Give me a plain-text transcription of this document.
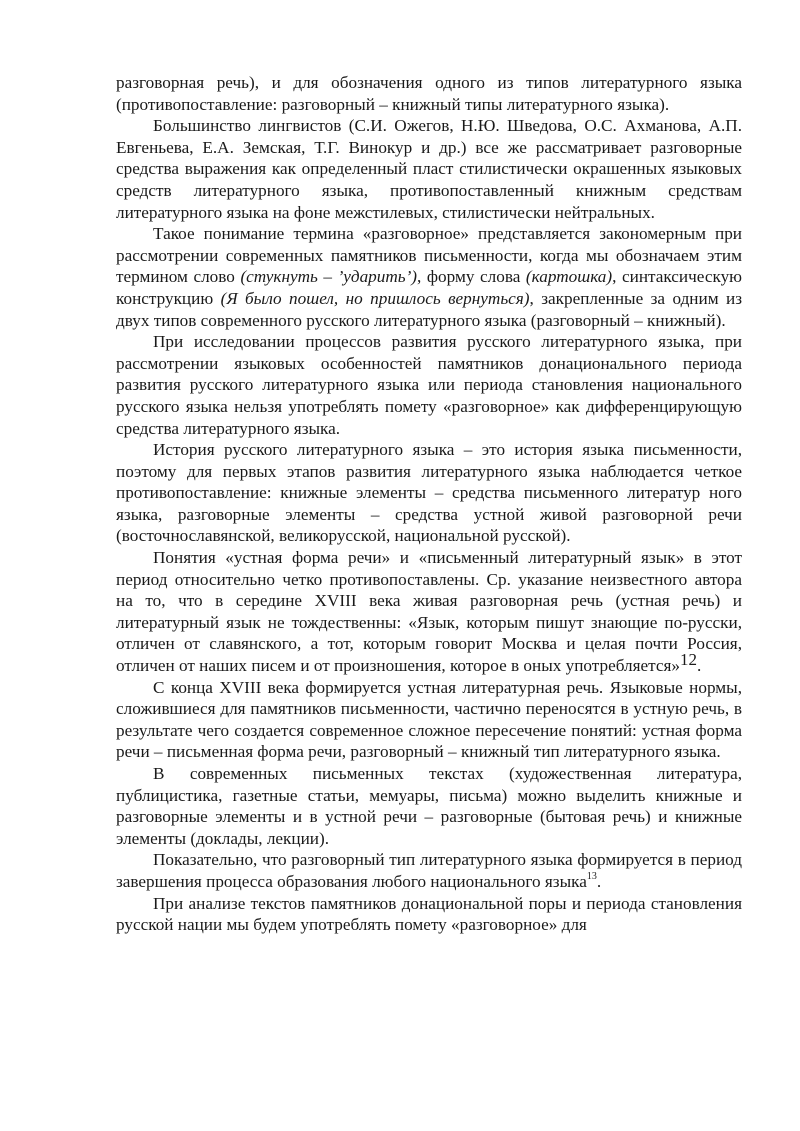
разговорная речь), и для обозначения одного из типов литературного языка (противопоставление: разговорный – книжный типы литературного языка).

Большинство лингвистов (С.И. Ожегов, Н.Ю. Шведова, О.С. Ахманова, А.П. Евгеньева, Е.А. Земская, Т.Г. Винокур и др.) все же рассматривает разговорные средства выражения как определенный пласт стилистически окрашенных языковых средств литературного языка, противопоставленный книжным средствам литературного языка на фоне межстилевых, стилистически нейтральных.

Такое понимание термина «разговорное» представляется закономерным при рассмотрении современных памятников письменности, когда мы обозначаем этим термином слово (стукнуть – ’ударить’), форму слова (картошка), синтаксическую конструкцию (Я было пошел, но пришлось вернуться), закрепленные за одним из двух типов современного русского литературного языка (разговорный – книжный).

При исследовании процессов развития русского литературного языка, при рассмотрении языковых особенностей памятников донационального периода развития русского литературного языка или периода становления национального русского языка нельзя употреблять помету «разговорное» как дифференцирующую средства литературного языка.

История русского литературного языка – это история языка письменности, поэтому для первых этапов развития литературного языка наблюдается четкое противопоставление: книжные элементы – средства письменного литератур ного языка, разговорные элементы – средства устной живой разговорной речи (восточнославянской, великорусской, национальной русской).

Понятия «устная форма речи» и «письменный литературный язык» в этот период относительно четко противопоставлены. Ср. указание неизвестного автора на то, что в середине XVIII века живая разговорная речь (устная речь) и литературный язык не тождественны: «Язык, которым пишут знающие по-русски, отличен от славянского, а тот, которым говорит Москва и целая почти Россия, отличен от наших писем и от произношения, которое в оных употребляется»$^{12}$.

С конца XVIII века формируется устная литературная речь. Языковые нормы, сложившиеся для памятников письменности, частично переносятся в устную речь, в результате чего создается современное сложное пересечение понятий: устная форма речи – письменная форма речи, разговорный – книжный тип литературного языка.

В современных письменных текстах (художественная литература, публицистика, газетные статьи, мемуары, письма) можно выделить книжные и разговорные элементы и в устной речи – разговорные (бытовая речь) и книжные элементы (доклады, лекции).

Показательно, что разговорный тип литературного языка формируется в период завершения процесса образования любого национального языка$^{13}$.

При анализе текстов памятников донациональной поры и периода становления русской нации мы будем употреблять помету «разговорное» для
